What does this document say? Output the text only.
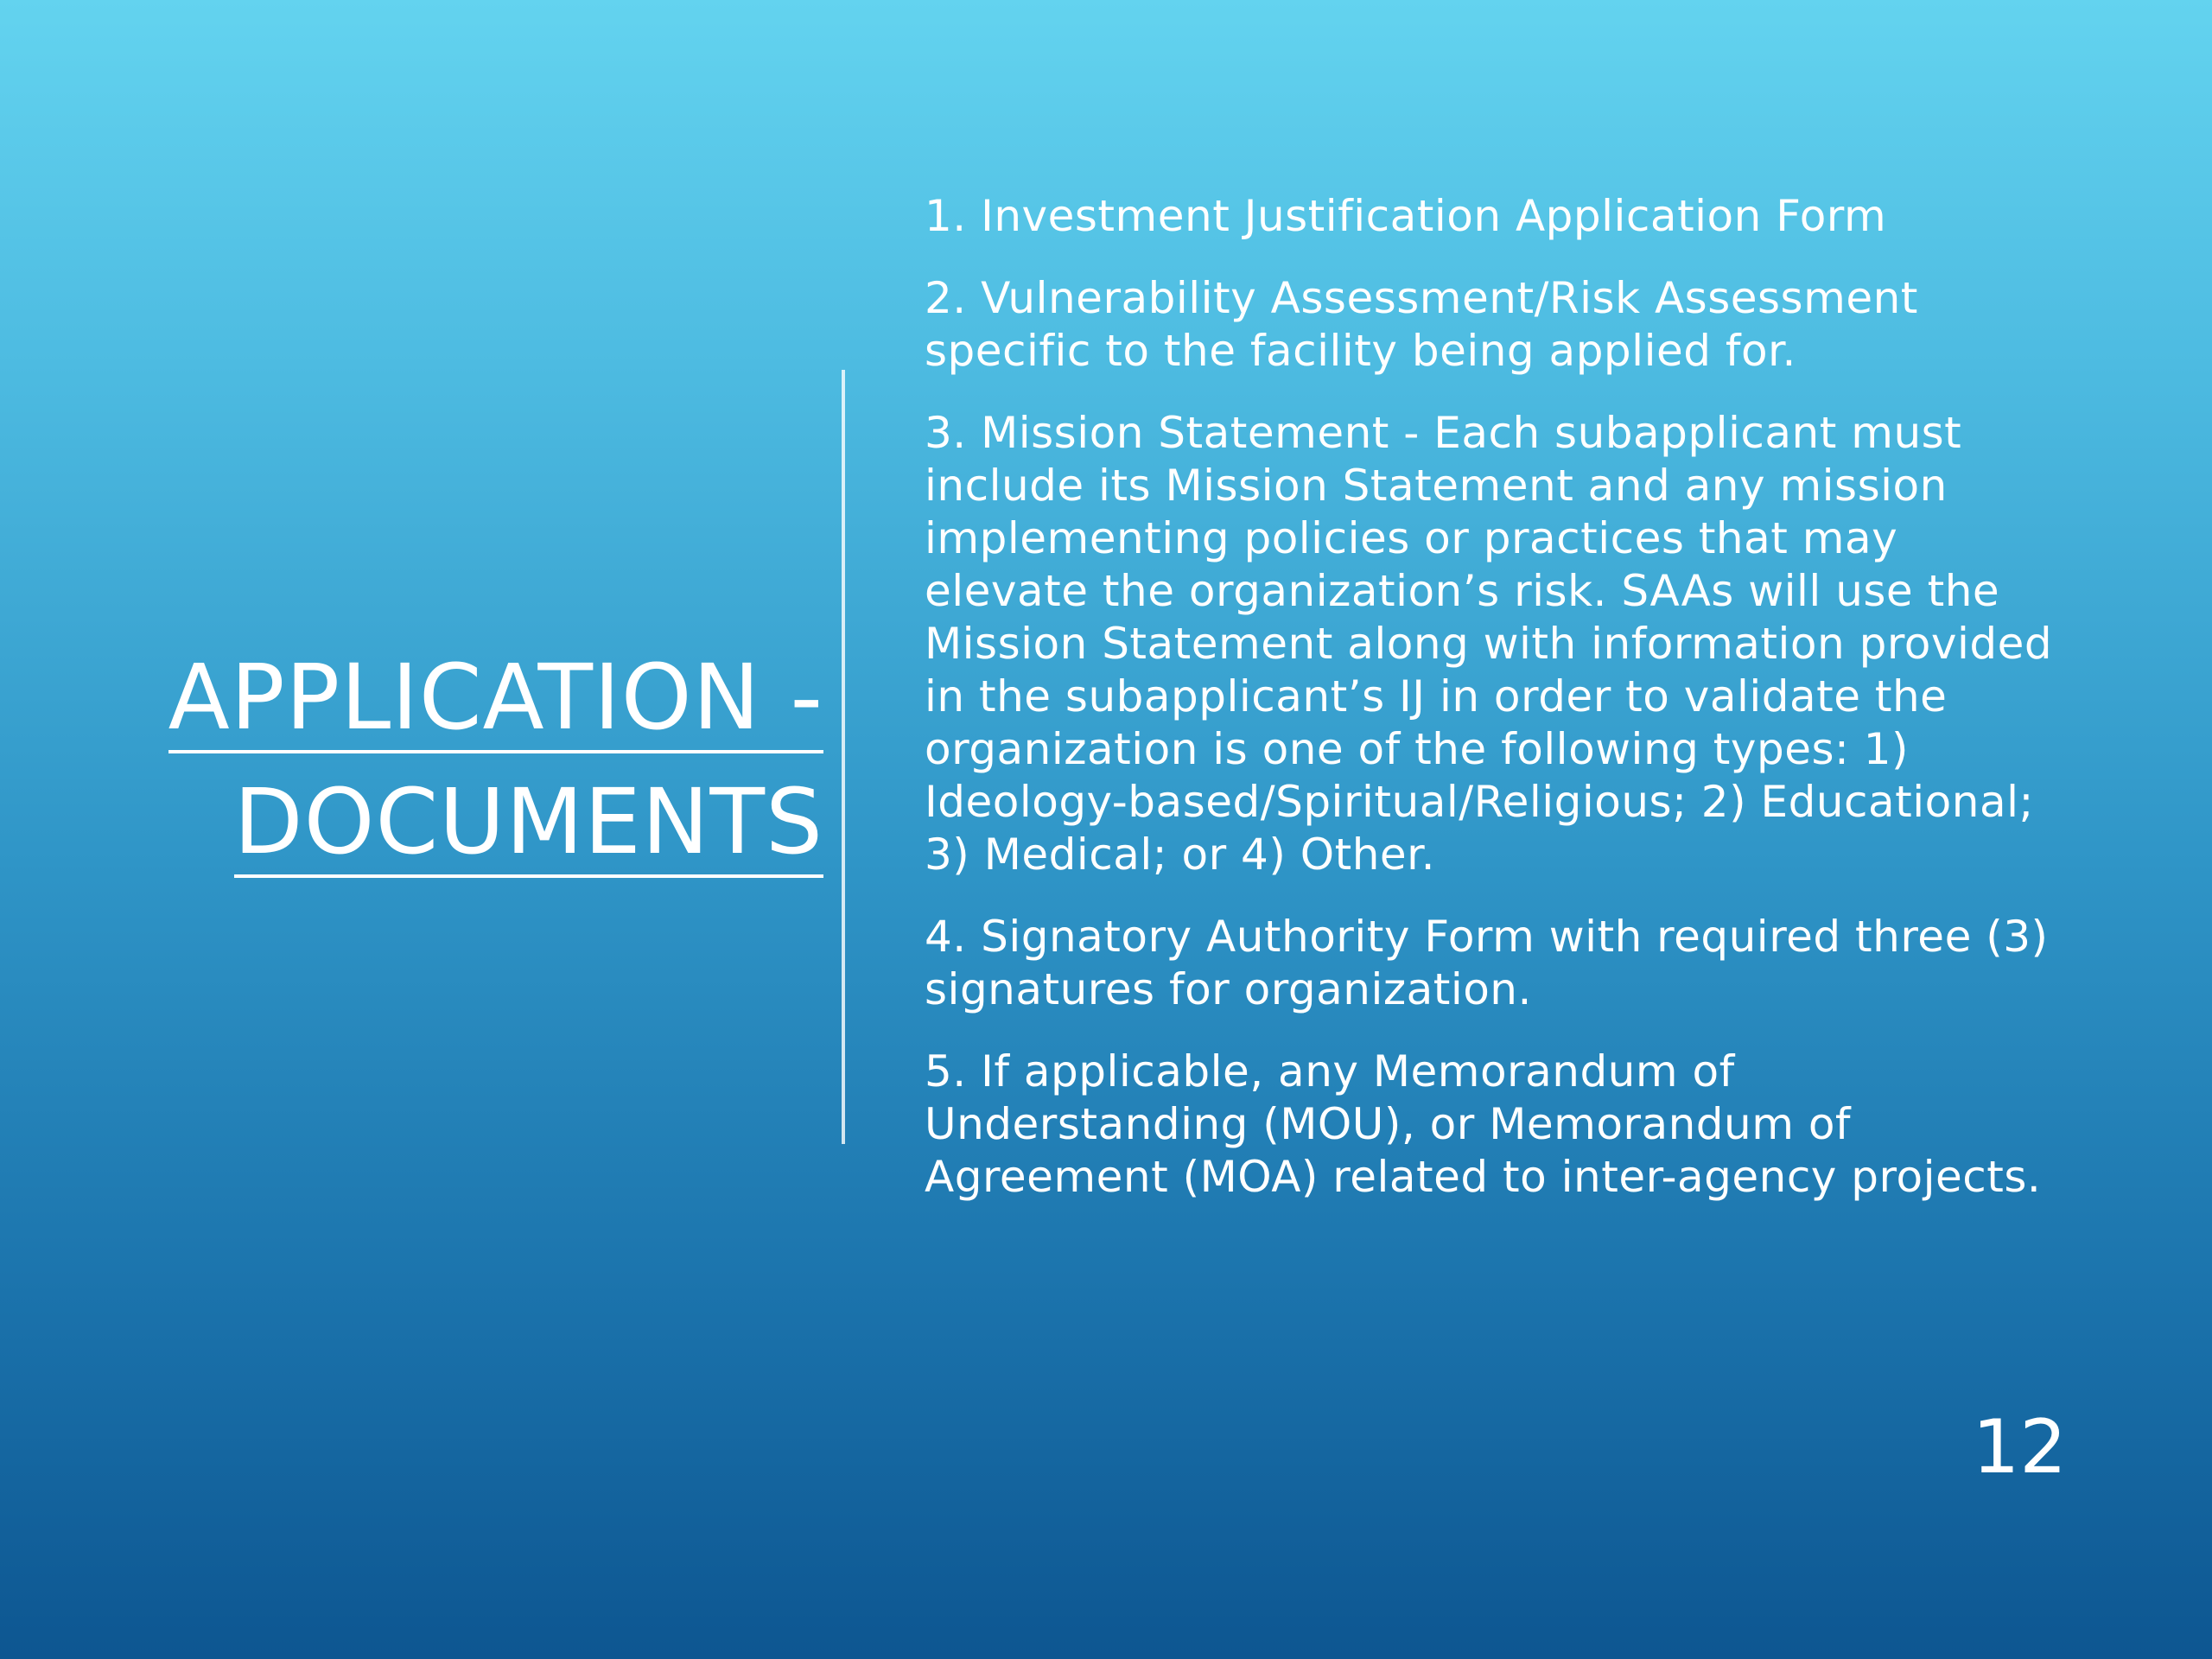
APPLICATION -
DOCUMENTS
1. Investment Justification Application Form
2. Vulnerability Assessment/Risk Assessment specific to the facility being applied for.
3. Mission Statement - Each subapplicant must include its Mission Statement and any mission implementing policies or practices that may elevate the organization’s risk. SAAs will use the Mission Statement along with information provided in the subapplicant’s IJ in order to validate the organization is one of the following types: 1) Ideology-based/Spiritual/Religious; 2) Educational; 3) Medical; or 4) Other.
4. Signatory Authority Form with required three (3) signatures for organization.
5. If applicable, any Memorandum of Understanding (MOU), or Memorandum of Agreement (MOA) related to inter-agency projects.
12
